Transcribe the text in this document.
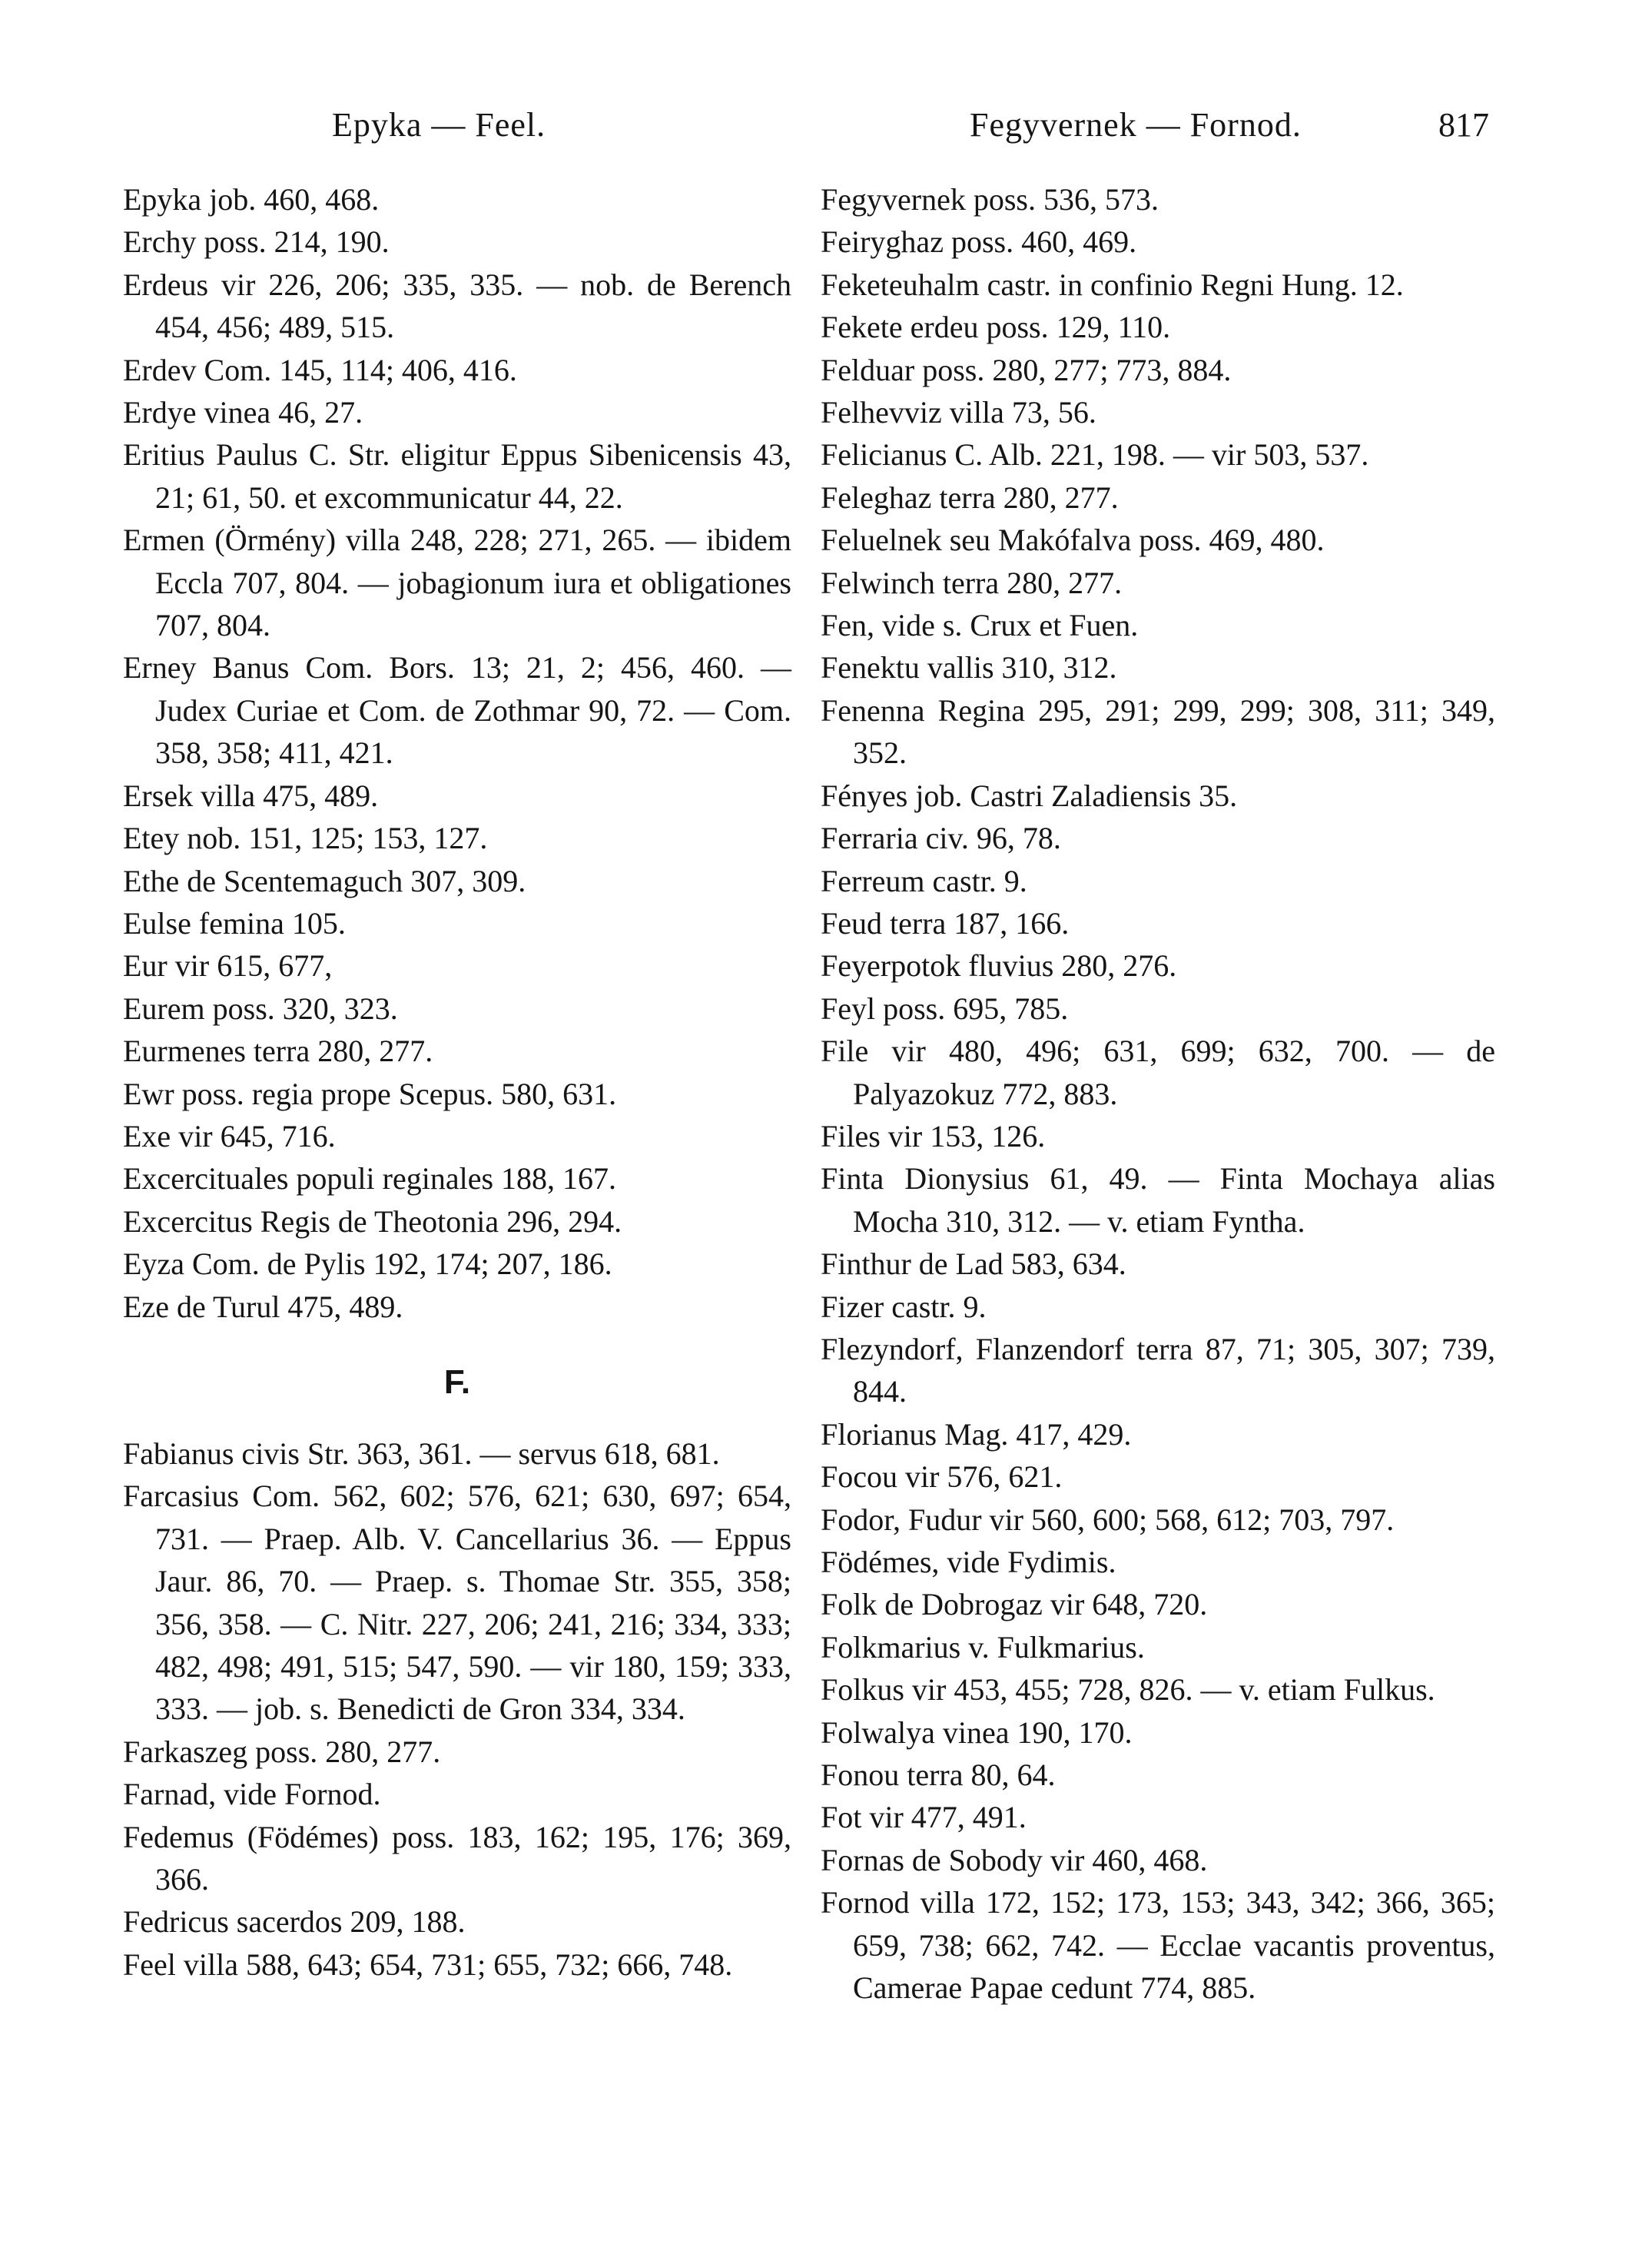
Epyka — Feel.	Fegyvernek — Fornod.	817
Epyka job. 460, 468.
Erchy poss. 214, 190.
Erdeus vir 226, 206; 335, 335. — nob. de Berench 454, 456; 489, 515.
Erdev Com. 145, 114; 406, 416.
Erdye vinea 46, 27.
Eritius Paulus C. Str. eligitur Eppus Sibenicensis 43, 21; 61, 50. et excommunicatur 44, 22.
Ermen (Örmény) villa 248, 228; 271, 265. — ibidem Eccla 707, 804. — jobagionum iura et obligationes 707, 804.
Erney Banus Com. Bors. 13; 21, 2; 456, 460. — Judex Curiae et Com. de Zothmar 90, 72. — Com. 358, 358; 411, 421.
Ersek villa 475, 489.
Etey nob. 151, 125; 153, 127.
Ethe de Scentemaguch 307, 309.
Eulse femina 105.
Eur vir 615, 677,
Eurem poss. 320, 323.
Eurmenes terra 280, 277.
Ewr poss. regia prope Scepus. 580, 631.
Exe vir 645, 716.
Excercituales populi reginales 188, 167.
Excercitus Regis de Theotonia 296, 294.
Eyza Com. de Pylis 192, 174; 207, 186.
Eze de Turul 475, 489.
F.
Fabianus civis Str. 363, 361. — servus 618, 681.
Farcasius Com. 562, 602; 576, 621; 630, 697; 654, 731. — Praep. Alb. V. Cancellarius 36. — Eppus Jaur. 86, 70. — Praep. s. Thomae Str. 355, 358; 356, 358. — C. Nitr. 227, 206; 241, 216; 334, 333; 482, 498; 491, 515; 547, 590. — vir 180, 159; 333, 333. — job. s. Benedicti de Gron 334, 334.
Farkaszeg poss. 280, 277.
Farnad, vide Fornod.
Fedemus (Födémes) poss. 183, 162; 195, 176; 369, 366.
Fedricus sacerdos 209, 188.
Feel villa 588, 643; 654, 731; 655, 732; 666, 748.
Fegyvernek poss. 536, 573.
Feiryghaz poss. 460, 469.
Feketeuhalm castr. in confinio Regni Hung. 12.
Fekete erdeu poss. 129, 110.
Felduar poss. 280, 277; 773, 884.
Felhevviz villa 73, 56.
Felicianus C. Alb. 221, 198. — vir 503, 537.
Feleghaz terra 280, 277.
Feluelnek seu Makófalva poss. 469, 480.
Felwinch terra 280, 277.
Fen, vide s. Crux et Fuen.
Fenektu vallis 310, 312.
Fenenna Regina 295, 291; 299, 299; 308, 311; 349, 352.
Fényes job. Castri Zaladiensis 35.
Ferraria civ. 96, 78.
Ferreum castr. 9.
Feud terra 187, 166.
Feyerpotok fluvius 280, 276.
Feyl poss. 695, 785.
File vir 480, 496; 631, 699; 632, 700. — de Palyazokuz 772, 883.
Files vir 153, 126.
Finta Dionysius 61, 49. — Finta Mochaya alias Mocha 310, 312. — v. etiam Fyntha.
Finthur de Lad 583, 634.
Fizer castr. 9.
Flezyndorf, Flanzendorf terra 87, 71; 305, 307; 739, 844.
Florianus Mag. 417, 429.
Focou vir 576, 621.
Fodor, Fudur vir 560, 600; 568, 612; 703, 797.
Födémes, vide Fydimis.
Folk de Dobrogaz vir 648, 720.
Folkmarius v. Fulkmarius.
Folkus vir 453, 455; 728, 826. — v. etiam Fulkus.
Folwalya vinea 190, 170.
Fonou terra 80, 64.
Fot vir 477, 491.
Fornas de Sobody vir 460, 468.
Fornod villa 172, 152; 173, 153; 343, 342; 366, 365; 659, 738; 662, 742. — Ecclae vacantis proventus, Camerae Papae cedunt 774, 885.
